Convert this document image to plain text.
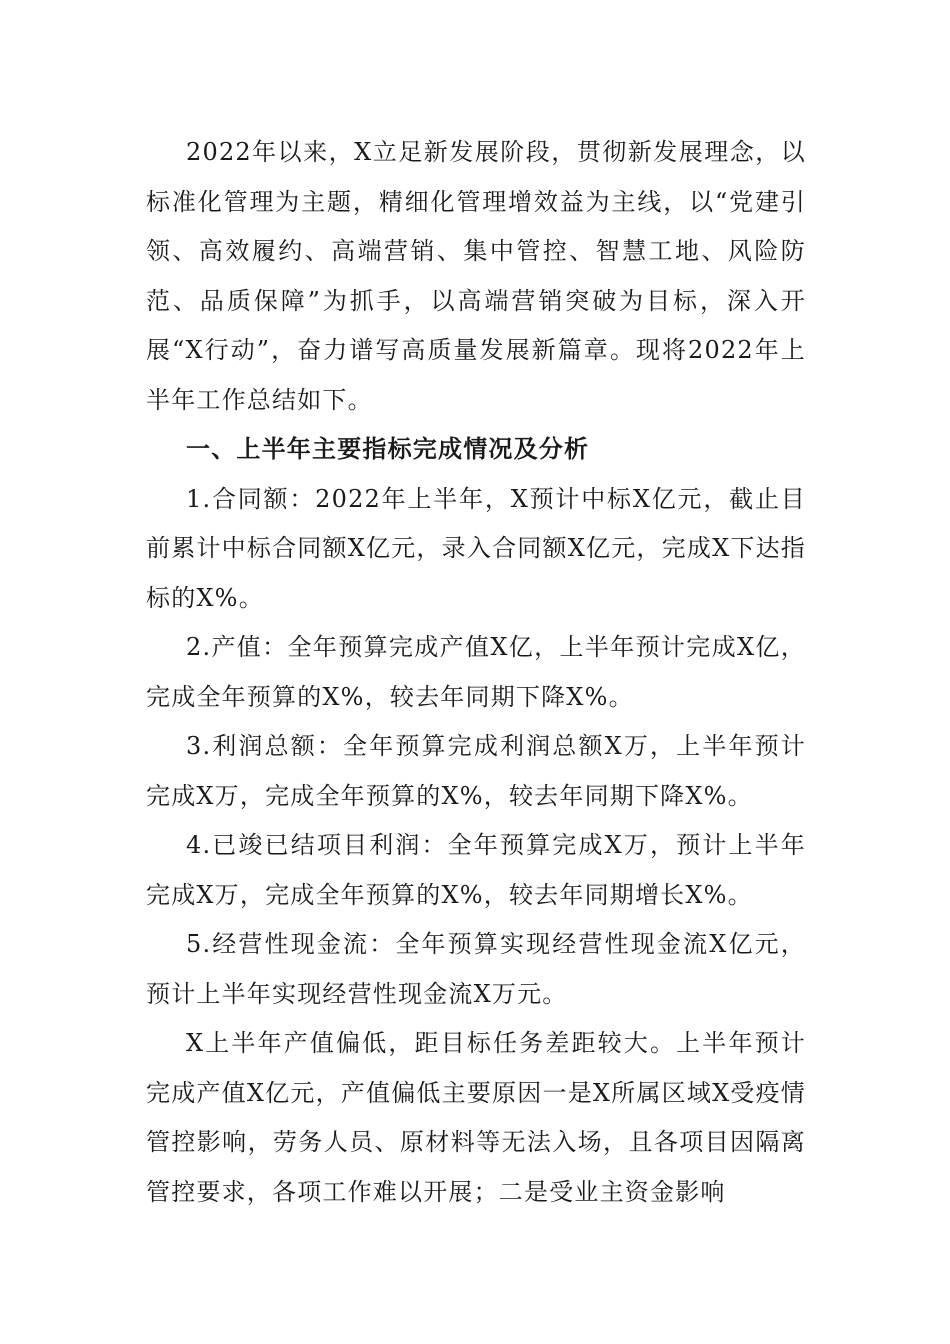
2022年以来，X立足新发展阶段，贯彻新发展理念，以标准化管理为主题，精细化管理增效益为主线，以“党建引领、高效履约、高端营销、集中管控、智慧工地、风险防范、品质保障”为抓手，以高端营销突破为目标，深入开展“X行动”，奋力谱写高质量发展新篇章。现将2022年上半年工作总结如下。

一、上半年主要指标完成情况及分析

1.合同额：2022年上半年，X预计中标X亿元，截止目前累计中标合同额X亿元，录入合同额X亿元，完成X下达指标的X%。

2.产值：全年预算完成产值X亿，上半年预计完成X亿，完成全年预算的X%，较去年同期下降X%。

3.利润总额：全年预算完成利润总额X万，上半年预计完成X万，完成全年预算的X%，较去年同期下降X%。

4.已竣已结项目利润：全年预算完成X万，预计上半年完成X万，完成全年预算的X%，较去年同期增长X%。

5.经营性现金流：全年预算实现经营性现金流X亿元，预计上半年实现经营性现金流X万元。

X上半年产值偏低，距目标任务差距较大。上半年预计完成产值X亿元，产值偏低主要原因一是X所属区域X受疫情管控影响，劳务人员、原材料等无法入场，且各项目因隔离管控要求，各项工作难以开展；二是受业主资金影响
